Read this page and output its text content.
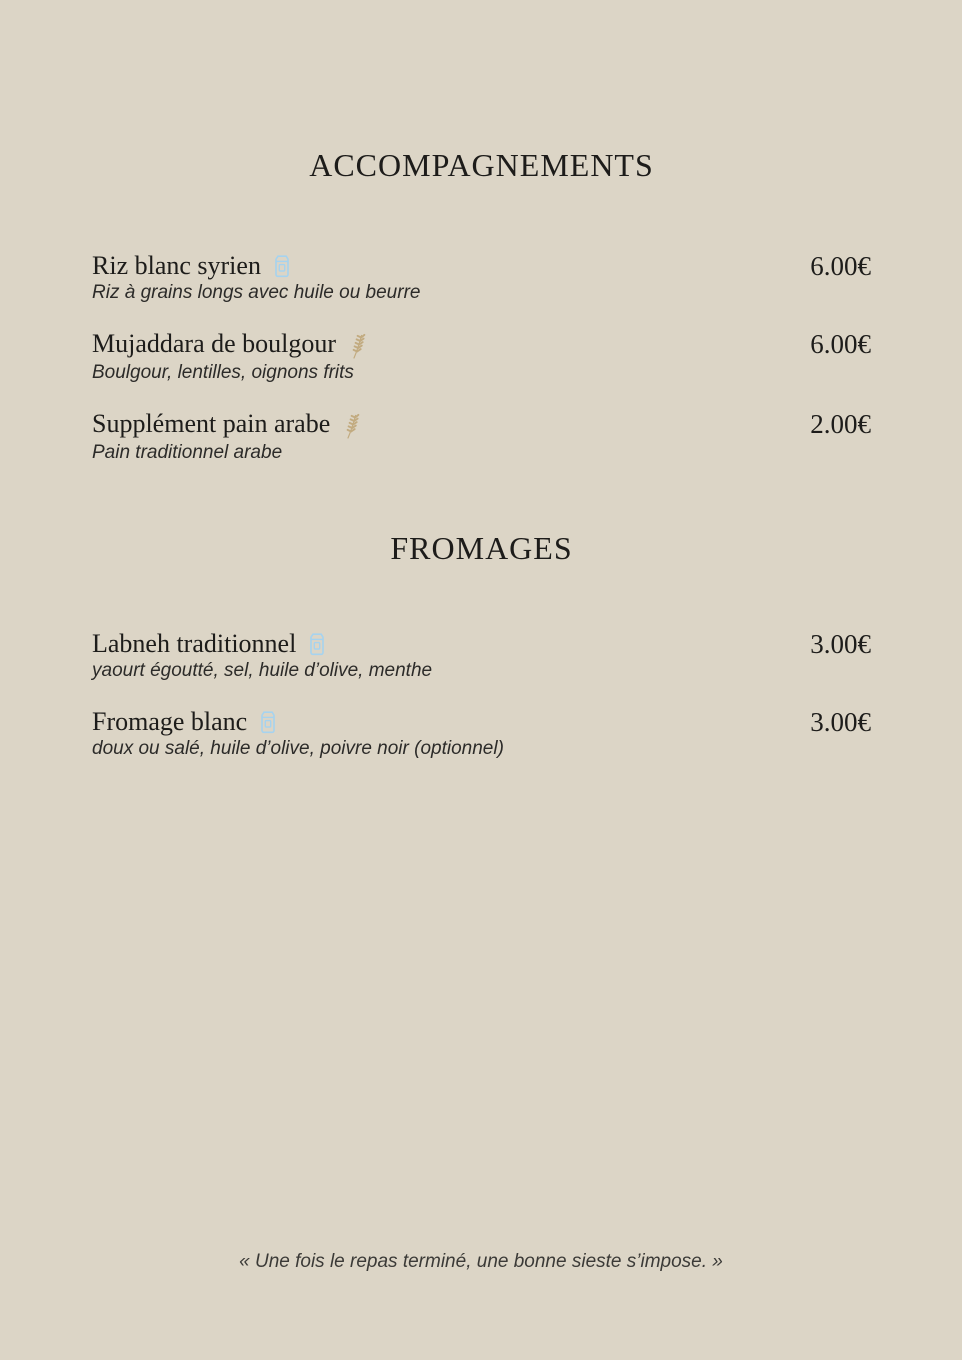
ACCOMPAGNEMENTS
Riz blanc syrien	6.00€
Riz à grains longs avec huile ou beurre
Mujaddara de boulgour	6.00€
Boulgour, lentilles, oignons frits
Supplément pain arabe	2.00€
Pain traditionnel arabe
FROMAGES
Labneh traditionnel	3.00€
yaourt égoutté, sel, huile d’olive, menthe
Fromage blanc	3.00€
doux ou salé, huile d’olive, poivre noir (optionnel)
« Une fois le repas terminé, une bonne sieste s’impose. »
